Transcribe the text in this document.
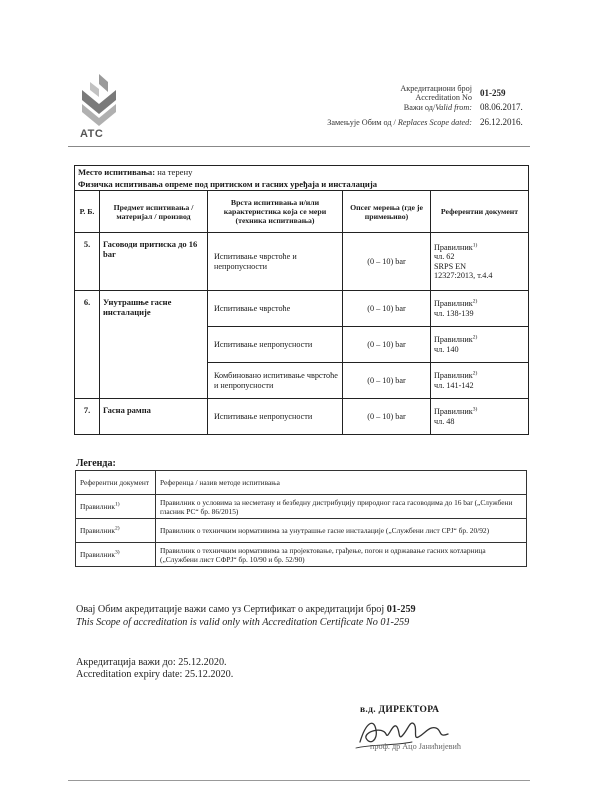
ATC
Акредитациони број
Accreditation No 01-259
Важи од/Valid from: 08.06.2017.
Замењује Обим од / Replaces Scope dated: 26.12.2016.
Место испитивања: на терену				
Физичка испитивања опреме под притиском и гасних уређаја и инсталација				
Р. Б.	Предмет испитивања / материјал / производ	Врста испитивања и/или карактеристика која се мери (техника испитивања)	Опсег мерења (где је примењиво)	Референтни документ
5.	Гасоводи притиска до 16 bar	Испитивање чврстоће и непропусности	(0 – 10) bar	Правилник$^{1)}$
чл. 62
SRPS EN
12327:2013, т.4.4
6.	Унутрашње гасне инсталације	Испитивање чврстоће	(0 – 10) bar	Правилник$^{2)}$
чл. 138-139
		Испитивање непропусности	(0 – 10) bar	Правилник$^{2)}$
чл. 140
		Комбиновано испитивање чврстоће и непропусности	(0 – 10) bar	Правилник$^{2)}$
чл. 141-142
7.	Гасна рампа	Испитивање непропусности	(0 – 10) bar	Правилник$^{3)}$
чл. 48
Легенда:
Референтни документ	Референца / назив методе испитивања
Правилник$^{1)}$	Правилник о условима за несметану и безбедну дистрибуцију природног гаса гасоводима до 16 bar („Службени гласник РС“ бр. 86/2015)
Правилник$^{2)}$	Правилник о техничким нормативима за унутрашње гасне инсталације („Службени лист СРЈ“ бр. 20/92)
Правилник$^{3)}$	Правилник о техничким нормативима за пројектовање, грађење, погон и одржавање гасних котларница („Службени лист СФРЈ“ бр. 10/90 и бр. 52/90)
Овај Обим акредитације важи само уз Сертификат о акредитацији број 01-259
This Scope of accreditation is valid only with Accreditation Certificate No 01-259
Акредитација важи до: 25.12.2020.
Accreditation expiry date: 25.12.2020.
в.д. ДИРЕКТОРА
проф. др Ацо Јанићијевић
